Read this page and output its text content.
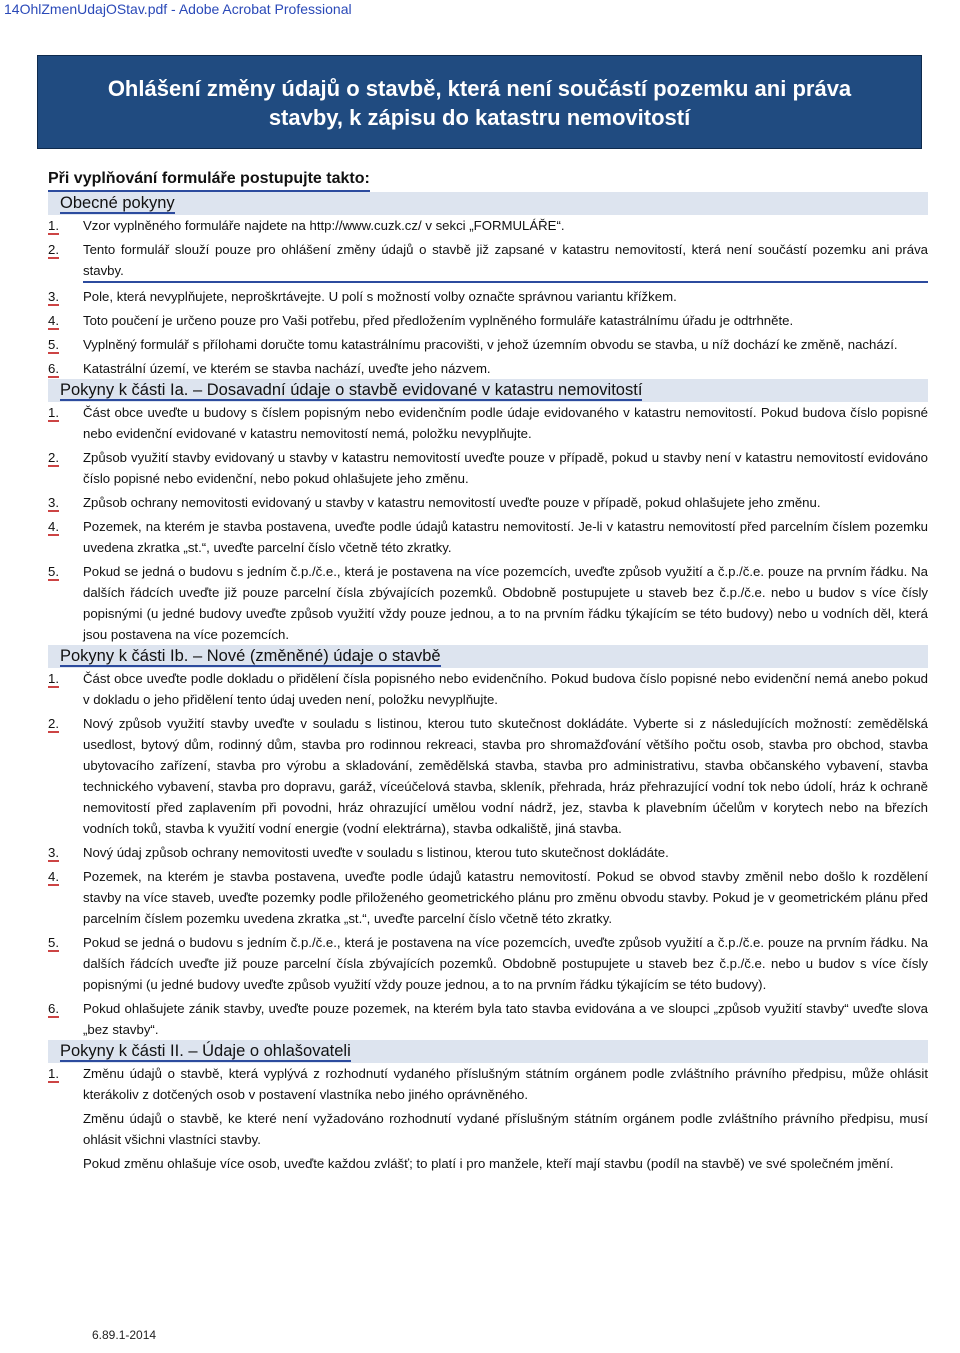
14OhlZmenUdajOStav.pdf - Adobe Acrobat Professional
Ohlášení změny údajů o stavbě, která není součástí pozemku ani práva
stavby, k zápisu do katastru nemovitostí

Při vyplňování formuláře postupujte takto:

Obecné pokyny
1.	Vzor vyplněného formuláře najdete na http://www.cuzk.cz/ v sekci „FORMULÁŘE“.
2.	Tento formulář slouží pouze pro ohlášení změny údajů o stavbě již zapsané v katastru nemovitostí, která není součástí pozemku ani práva stavby.
3.	Pole, která nevyplňujete, neproškrtávejte. U polí s možností volby označte správnou variantu křížkem.
4.	Toto poučení je určeno pouze pro Vaši potřebu, před předložením vyplněného formuláře katastrálnímu úřadu je odtrhněte.
5.	Vyplněný formulář s přílohami doručte tomu katastrálnímu pracovišti, v jehož územním obvodu se stavba, u níž dochází ke změně, nachází.
6.	Katastrální území, ve kterém se stavba nachází, uveďte jeho názvem.
Pokyny k části Ia. – Dosavadní údaje o stavbě evidované v katastru nemovitostí
1.	Část obce uveďte u budovy s číslem popisným nebo evidenčním podle údaje evidovaného v katastru nemovitostí. Pokud budova číslo popisné nebo evidenční evidované v katastru nemovitostí nemá, položku nevyplňujte.
2.	Způsob využití stavby evidovaný u stavby v katastru nemovitostí uveďte pouze v případě, pokud u stavby není v katastru nemovitostí evidováno číslo popisné nebo evidenční, nebo pokud ohlašujete jeho změnu.
3.	Způsob ochrany nemovitosti evidovaný u stavby v katastru nemovitostí uveďte pouze v případě, pokud ohlašujete jeho změnu.
4.	Pozemek, na kterém je stavba postavena, uveďte podle údajů katastru nemovitostí. Je-li v katastru nemovitostí před parcelním číslem pozemku uvedena zkratka „st.“, uveďte parcelní číslo včetně této zkratky.
5.	Pokud se jedná o budovu s jedním č.p./č.e., která je postavena na více pozemcích, uveďte způsob využití a č.p./č.e. pouze na prvním řádku. Na dalších řádcích uveďte již pouze parcelní čísla zbývajících pozemků. Obdobně postupujete u staveb bez č.p./č.e. nebo u budov s více čísly popisnými (u jedné budovy uveďte způsob využití vždy pouze jednou, a to na prvním řádku týkajícím se této budovy) nebo u vodních děl, která jsou postavena na více pozemcích.
Pokyny k části Ib. – Nové (změněné) údaje o stavbě
1.	Část obce uveďte podle dokladu o přidělení čísla popisného nebo evidenčního. Pokud budova číslo popisné nebo evidenční nemá anebo pokud v dokladu o jeho přidělení tento údaj uveden není, položku nevyplňujte.
2.	Nový způsob využití stavby uveďte v souladu s listinou, kterou tuto skutečnost dokládáte. Vyberte si z následujících možností: zemědělská usedlost, bytový dům, rodinný dům, stavba pro rodinnou rekreaci, stavba pro shromažďování většího počtu osob, stavba pro obchod, stavba ubytovacího zařízení, stavba pro výrobu a skladování, zemědělská stavba, stavba pro administrativu, stavba občanského vybavení, stavba technického vybavení, stavba pro dopravu, garáž, víceúčelová stavba, skleník, přehrada, hráz přehrazující vodní tok nebo údolí, hráz k ochraně nemovitostí před zaplavením při povodni, hráz ohrazující umělou vodní nádrž, jez, stavba k plavebním účelům v korytech nebo na březích vodních toků, stavba k využití vodní energie (vodní elektrárna), stavba odkaliště, jiná stavba.
3.	Nový údaj způsob ochrany nemovitosti uveďte v souladu s listinou, kterou tuto skutečnost dokládáte.
4.	Pozemek, na kterém je stavba postavena, uveďte podle údajů katastru nemovitostí. Pokud se obvod stavby změnil nebo došlo k rozdělení stavby na více staveb, uveďte pozemky podle přiloženého geometrického plánu pro změnu obvodu stavby. Pokud je v geometrickém plánu před parcelním číslem pozemku uvedena zkratka „st.“, uveďte parcelní číslo včetně této zkratky.
5.	Pokud se jedná o budovu s jedním č.p./č.e., která je postavena na více pozemcích, uveďte způsob využití a č.p./č.e. pouze na prvním řádku. Na dalších řádcích uveďte již pouze parcelní čísla zbývajících pozemků. Obdobně postupujete u staveb bez č.p./č.e. nebo u budov s více čísly popisnými (u jedné budovy uveďte způsob využití vždy pouze jednou, a to na prvním řádku týkajícím se této budovy).
6.	Pokud ohlašujete zánik stavby, uveďte pouze pozemek, na kterém byla tato stavba evidována a ve sloupci „způsob využití stavby“ uveďte slova „bez stavby“.
Pokyny k části II. – Údaje o ohlašovateli
1.	Změnu údajů o stavbě, která vyplývá z rozhodnutí vydaného příslušným státním orgánem podle zvláštního právního předpisu, může ohlásit kterákoliv z dotčených osob v postavení vlastníka nebo jiného oprávněného.
Změnu údajů o stavbě, ke které není vyžadováno rozhodnutí vydané příslušným státním orgánem podle zvláštního právního předpisu, musí ohlásit všichni vlastníci stavby.
Pokud změnu ohlašuje více osob, uveďte každou zvlášť; to platí i pro manžele, kteří mají stavbu (podíl na stavbě) ve své společném jmění.
6.89.1-2014
